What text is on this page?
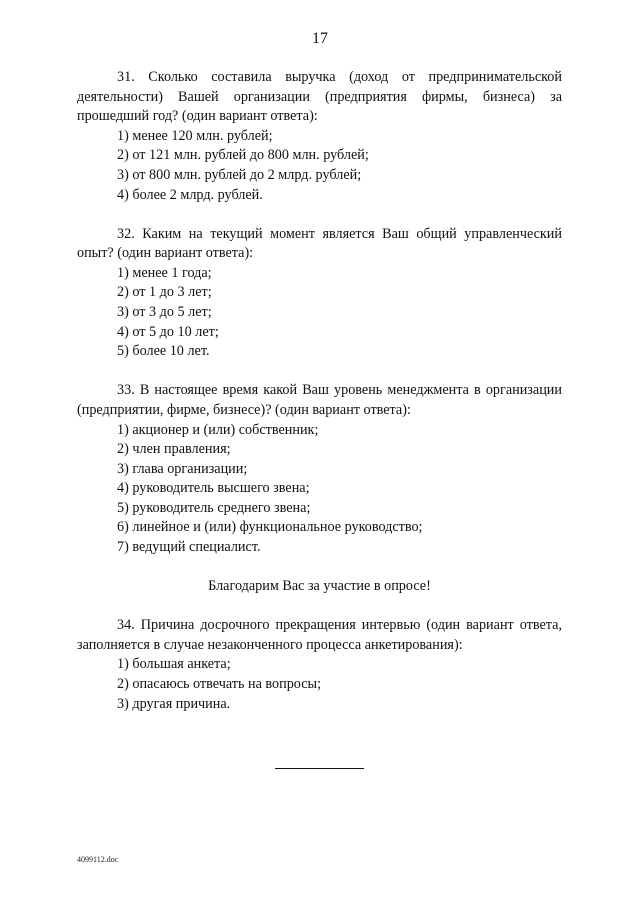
17

31. Сколько составила выручка (доход от предпринимательской деятельности) Вашей организации (предприятия фирмы, бизнеса) за прошедший год? (один вариант ответа):

1) менее 120 млн. рублей;
2) от 121 млн. рублей до 800 млн. рублей;
3) от 800 млн. рублей до 2 млрд. рублей;
4) более 2 млрд. рублей.

32. Каким на текущий момент является Ваш общий управленческий опыт? (один вариант ответа):

1) менее 1 года;
2) от 1 до 3 лет;
3) от 3 до 5 лет;
4) от 5 до 10 лет;
5) более 10 лет.

33. В настоящее время какой Ваш уровень менеджмента в организации (предприятии, фирме, бизнесе)? (один вариант ответа):

1) акционер и (или) собственник;
2) член правления;
3) глава организации;
4) руководитель высшего звена;
5) руководитель среднего звена;
6) линейное и (или) функциональное руководство;
7) ведущий специалист.

Благодарим Вас за участие в опросе!

34. Причина досрочного прекращения интервью (один вариант ответа, заполняется в случае незаконченного процесса анкетирования):

1) большая анкета;
2) опасаюсь отвечать на вопросы;
3) другая причина.
4099112.doc
